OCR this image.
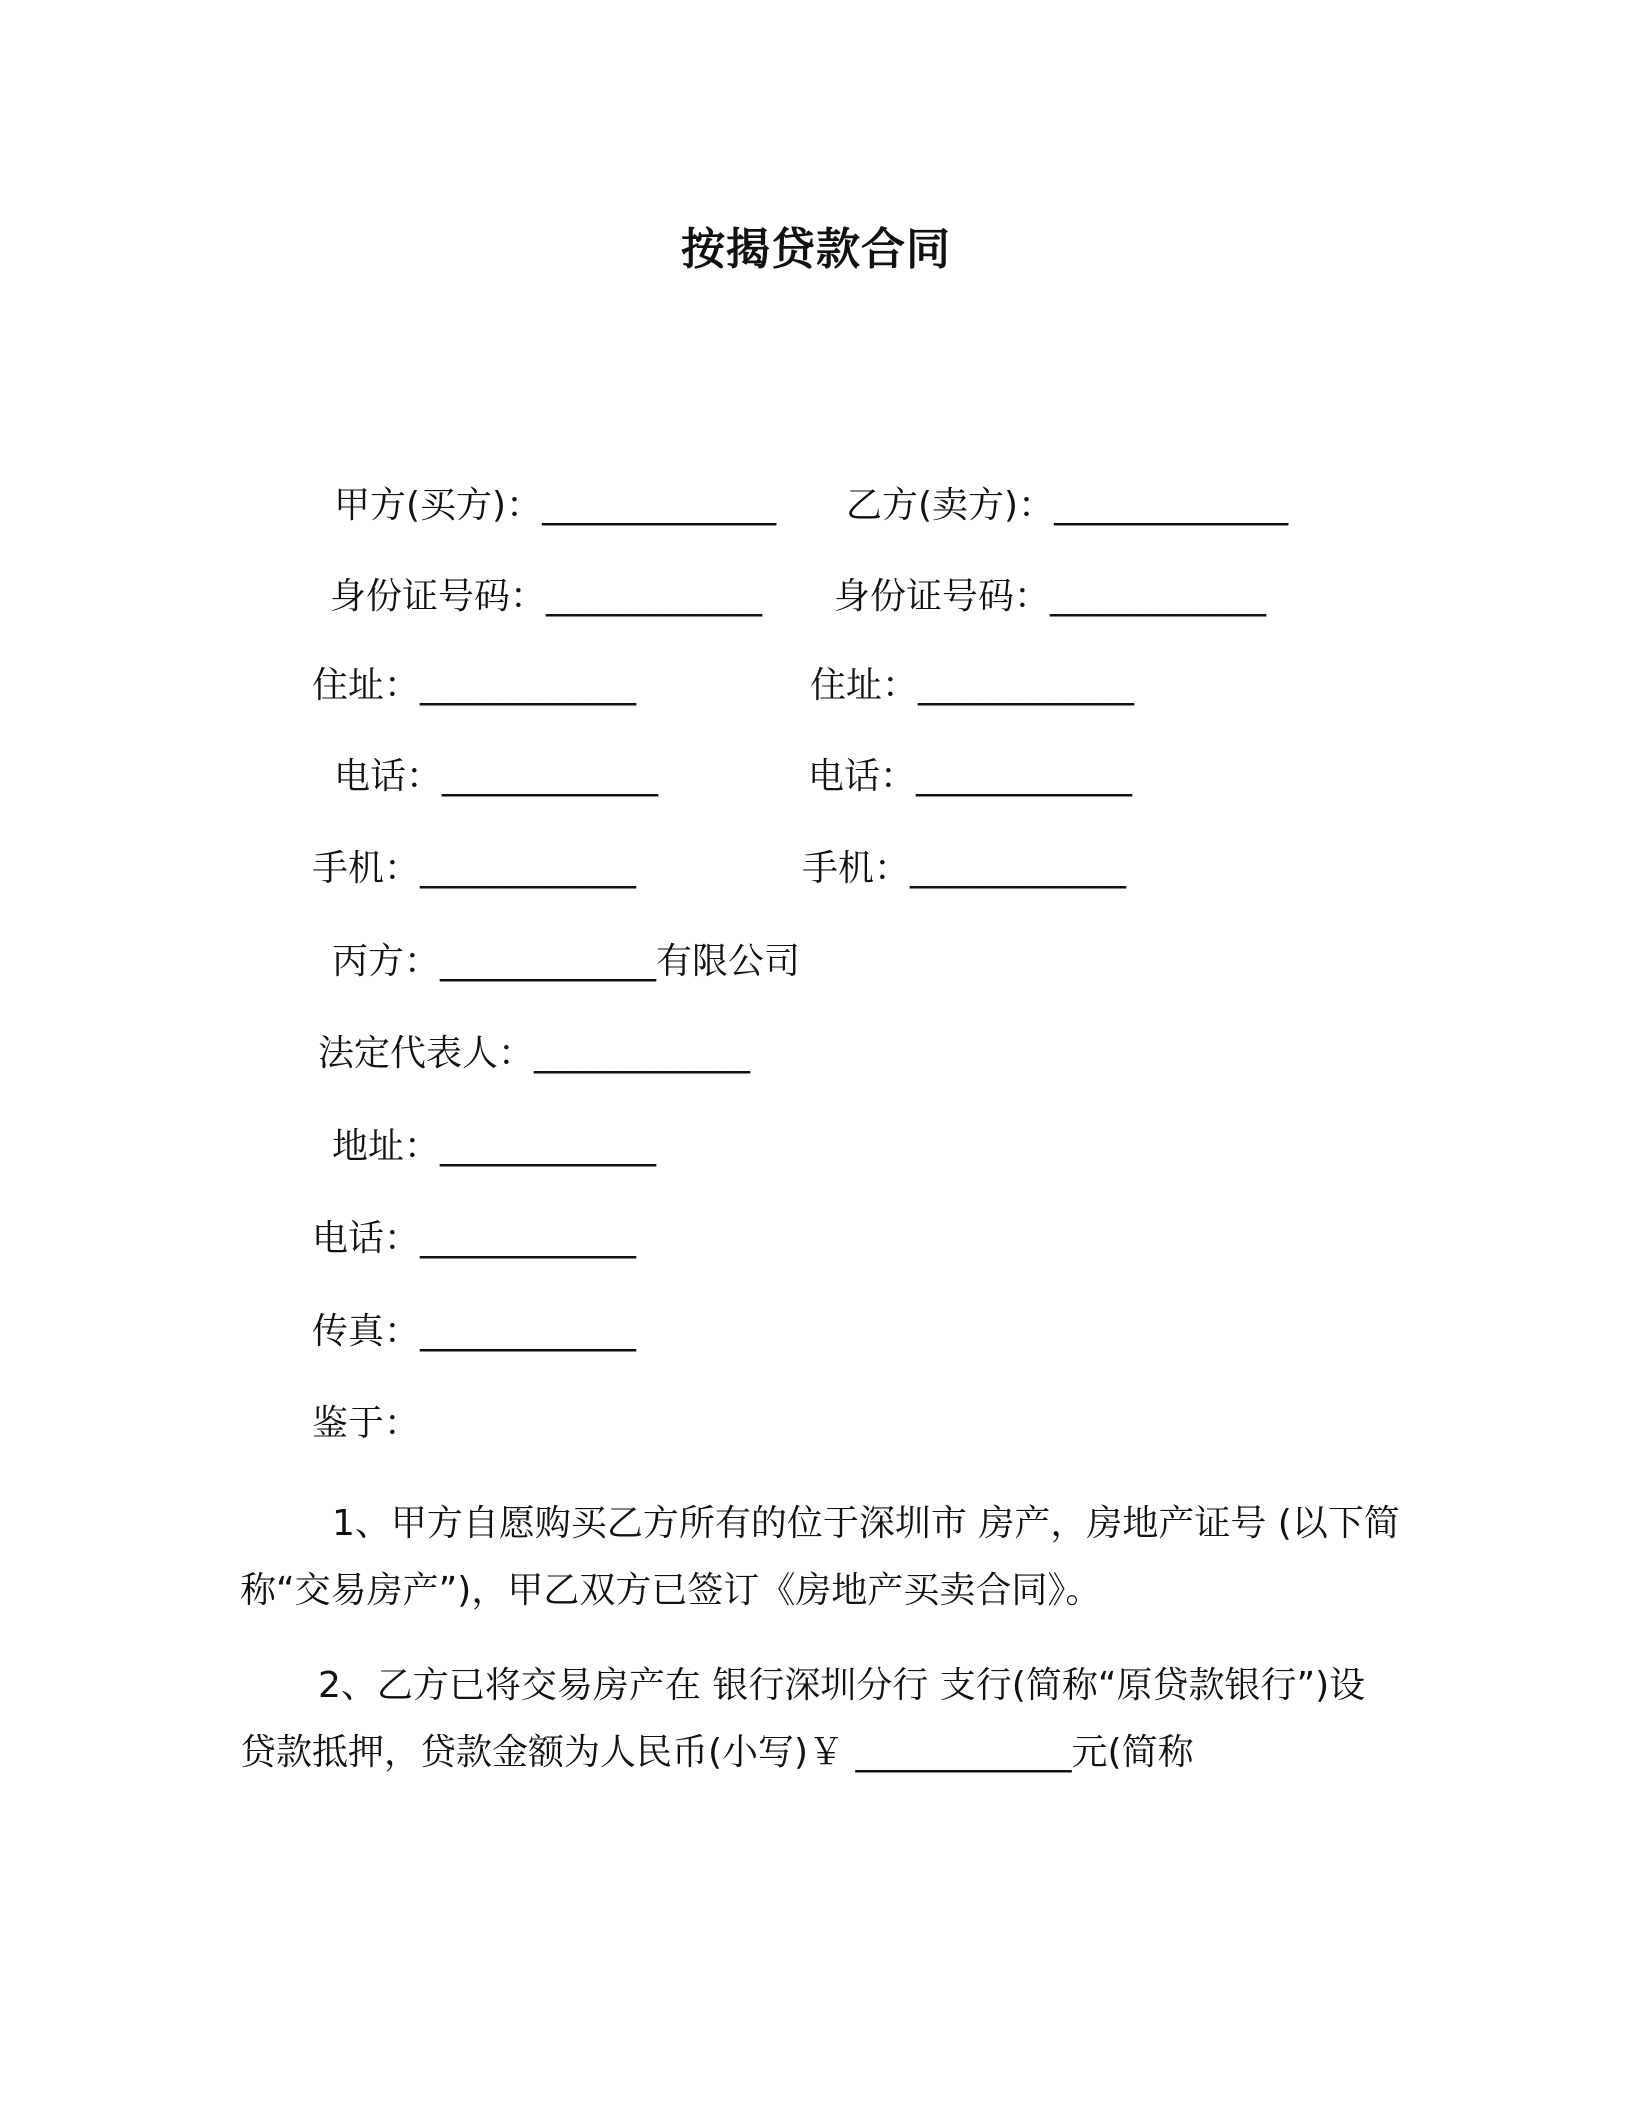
按揭贷款合同
甲方(买方)：_____________ 乙方(卖方)：_____________
身份证号码：____________ 身份证号码：____________
住址：____________	住址：____________
电话：____________	电话：____________
手机：____________	手机：____________
丙方：____________有限公司
法定代表人：____________
地址：____________
电话：____________
传真：____________
鉴于：
1、甲方自愿购买乙方所有的位于深圳市 房产，房地产证号 (以下简称“交易房产”)，甲乙双方已签订《房地产买卖合同》。
2、乙方已将交易房产在 银行深圳分行 支行(简称“原贷款银行”)设贷款抵押，贷款金额为人民币(小写)￥ ____________元(简称
